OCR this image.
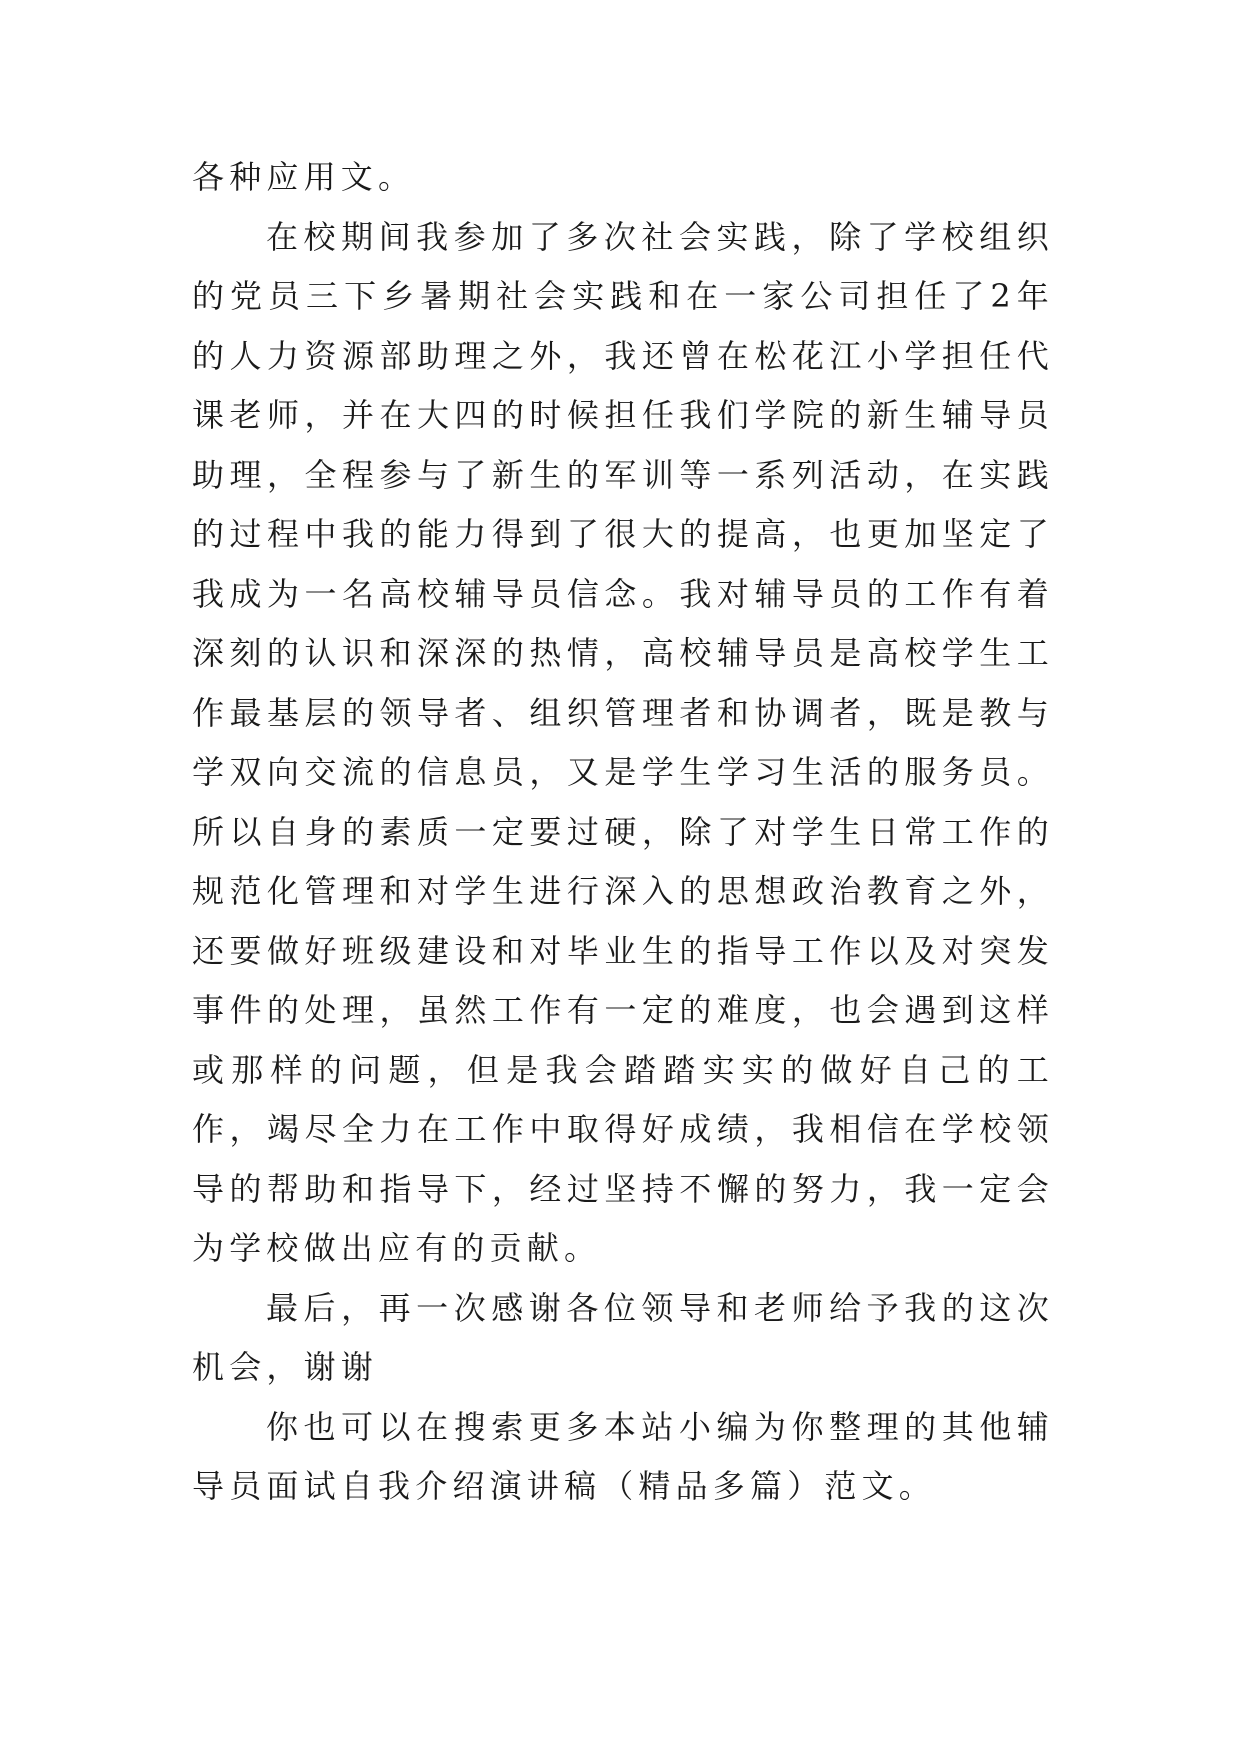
各种应用文。

在校期间我参加了多次社会实践，除了学校组织的党员三下乡暑期社会实践和在一家公司担任了2年的人力资源部助理之外，我还曾在松花江小学担任代课老师，并在大四的时候担任我们学院的新生辅导员助理，全程参与了新生的军训等一系列活动，在实践的过程中我的能力得到了很大的提高，也更加坚定了我成为一名高校辅导员信念。我对辅导员的工作有着深刻的认识和深深的热情，高校辅导员是高校学生工作最基层的领导者、组织管理者和协调者，既是教与学双向交流的信息员，又是学生学习生活的服务员。所以自身的素质一定要过硬，除了对学生日常工作的规范化管理和对学生进行深入的思想政治教育之外，还要做好班级建设和对毕业生的指导工作以及对突发事件的处理，虽然工作有一定的难度，也会遇到这样或那样的问题，但是我会踏踏实实的做好自己的工作，竭尽全力在工作中取得好成绩，我相信在学校领导的帮助和指导下，经过坚持不懈的努力，我一定会为学校做出应有的贡献。

最后，再一次感谢各位领导和老师给予我的这次机会，谢谢

你也可以在搜索更多本站小编为你整理的其他辅导员面试自我介绍演讲稿（精品多篇）范文。
